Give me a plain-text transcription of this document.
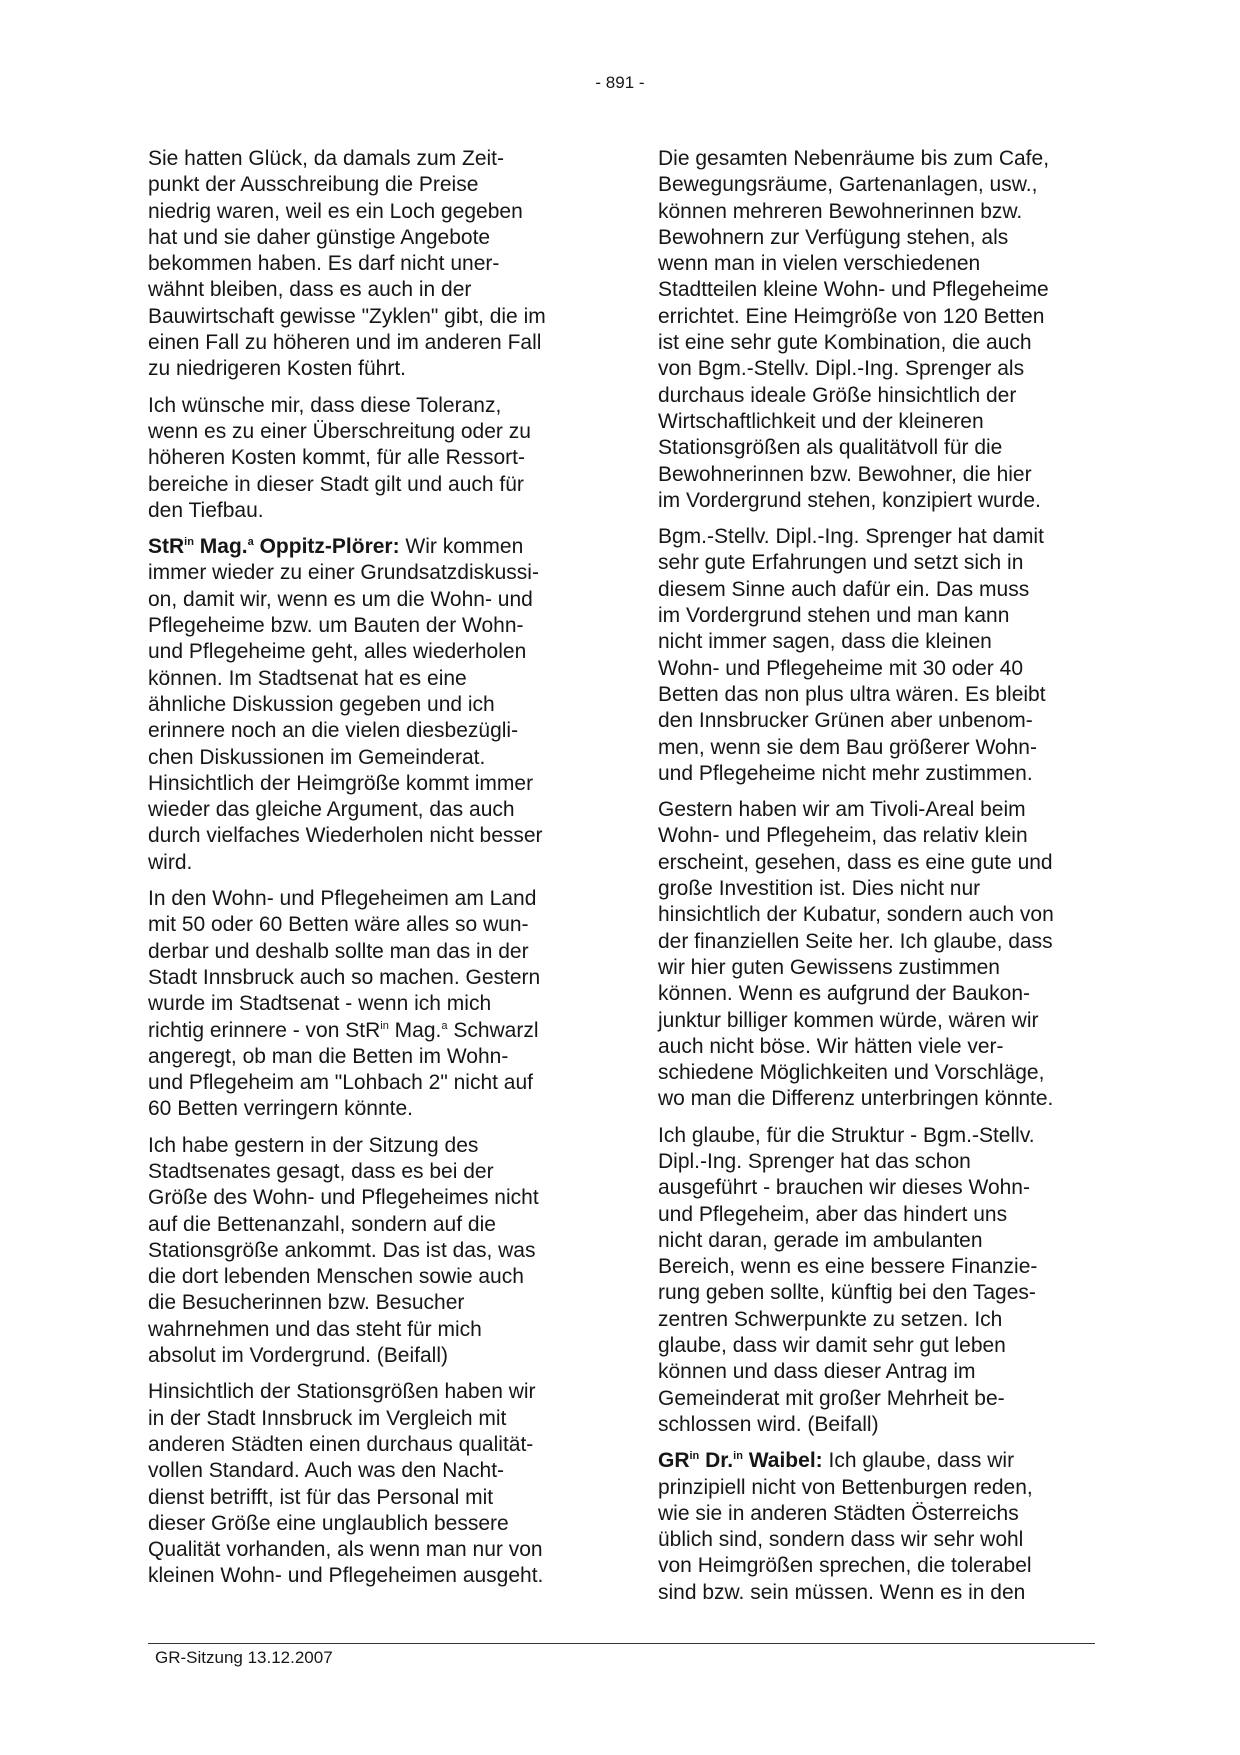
- 891 -

Sie hatten Glück, da damals zum Zeit-
punkt der Ausschreibung die Preise
niedrig waren, weil es ein Loch gegeben
hat und sie daher günstige Angebote
bekommen haben. Es darf nicht uner-
wähnt bleiben, dass es auch in der
Bauwirtschaft gewisse "Zyklen" gibt, die im
einen Fall zu höheren und im anderen Fall
zu niedrigeren Kosten führt.

Ich wünsche mir, dass diese Toleranz,
wenn es zu einer Überschreitung oder zu
höheren Kosten kommt, für alle Ressort-
bereiche in dieser Stadt gilt und auch für
den Tiefbau.

StR$^{in}$ Mag.$^a$ Oppitz-Plörer: Wir kommen
immer wieder zu einer Grundsatzdiskussi-
on, damit wir, wenn es um die Wohn- und
Pflegeheime bzw. um Bauten der Wohn-
und Pflegeheime geht, alles wiederholen
können. Im Stadtsenat hat es eine
ähnliche Diskussion gegeben und ich
erinnere noch an die vielen diesbezügli-
chen Diskussionen im Gemeinderat.
Hinsichtlich der Heimgröße kommt immer
wieder das gleiche Argument, das auch
durch vielfaches Wiederholen nicht besser
wird.

In den Wohn- und Pflegeheimen am Land
mit 50 oder 60 Betten wäre alles so wun-
derbar und deshalb sollte man das in der
Stadt Innsbruck auch so machen. Gestern
wurde im Stadtsenat - wenn ich mich
richtig erinnere - von StR$^{in}$ Mag.$^a$ Schwarzl
angeregt, ob man die Betten im Wohn-
und Pflegeheim am "Lohbach 2" nicht auf
60 Betten verringern könnte.

Ich habe gestern in der Sitzung des
Stadtsenates gesagt, dass es bei der
Größe des Wohn- und Pflegeheimes nicht
auf die Bettenanzahl, sondern auf die
Stationsgröße ankommt. Das ist das, was
die dort lebenden Menschen sowie auch
die Besucherinnen bzw. Besucher
wahrnehmen und das steht für mich
absolut im Vordergrund. (Beifall)

Hinsichtlich der Stationsgrößen haben wir
in der Stadt Innsbruck im Vergleich mit
anderen Städten einen durchaus qualität-
vollen Standard. Auch was den Nacht-
dienst betrifft, ist für das Personal mit
dieser Größe eine unglaublich bessere
Qualität vorhanden, als wenn man nur von
kleinen Wohn- und Pflegeheimen ausgeht.

Die gesamten Nebenräume bis zum Cafe,
Bewegungsräume, Gartenanlagen, usw.,
können mehreren Bewohnerinnen bzw.
Bewohnern zur Verfügung stehen, als
wenn man in vielen verschiedenen
Stadtteilen kleine Wohn- und Pflegeheime
errichtet. Eine Heimgröße von 120 Betten
ist eine sehr gute Kombination, die auch
von Bgm.-Stellv. Dipl.-Ing. Sprenger als
durchaus ideale Größe hinsichtlich der
Wirtschaftlichkeit und der kleineren
Stationsgrößen als qualitätvoll für die
Bewohnerinnen bzw. Bewohner, die hier
im Vordergrund stehen, konzipiert wurde.

Bgm.-Stellv. Dipl.-Ing. Sprenger hat damit
sehr gute Erfahrungen und setzt sich in
diesem Sinne auch dafür ein. Das muss
im Vordergrund stehen und man kann
nicht immer sagen, dass die kleinen
Wohn- und Pflegeheime mit 30 oder 40
Betten das non plus ultra wären. Es bleibt
den Innsbrucker Grünen aber unbenom-
men, wenn sie dem Bau größerer Wohn-
und Pflegeheime nicht mehr zustimmen.

Gestern haben wir am Tivoli-Areal beim
Wohn- und Pflegeheim, das relativ klein
erscheint, gesehen, dass es eine gute und
große Investition ist. Dies nicht nur
hinsichtlich der Kubatur, sondern auch von
der finanziellen Seite her. Ich glaube, dass
wir hier guten Gewissens zustimmen
können. Wenn es aufgrund der Baukon-
junktur billiger kommen würde, wären wir
auch nicht böse. Wir hätten viele ver-
schiedene Möglichkeiten und Vorschläge,
wo man die Differenz unterbringen könnte.

Ich glaube, für die Struktur - Bgm.-Stellv.
Dipl.-Ing. Sprenger hat das schon
ausgeführt - brauchen wir dieses Wohn-
und Pflegeheim, aber das hindert uns
nicht daran, gerade im ambulanten
Bereich, wenn es eine bessere Finanzie-
rung geben sollte, künftig bei den Tages-
zentren Schwerpunkte zu setzen. Ich
glaube, dass wir damit sehr gut leben
können und dass dieser Antrag im
Gemeinderat mit großer Mehrheit be-
schlossen wird. (Beifall)

$GR^{in}$ Dr.$^{in}$ Waibel: Ich glaube, dass wir
prinzipiell nicht von Bettenburgen reden,
wie sie in anderen Städten Österreichs
üblich sind, sondern dass wir sehr wohl
von Heimgrößen sprechen, die tolerabel
sind bzw. sein müssen. Wenn es in den

GR-Sitzung 13.12.2007
